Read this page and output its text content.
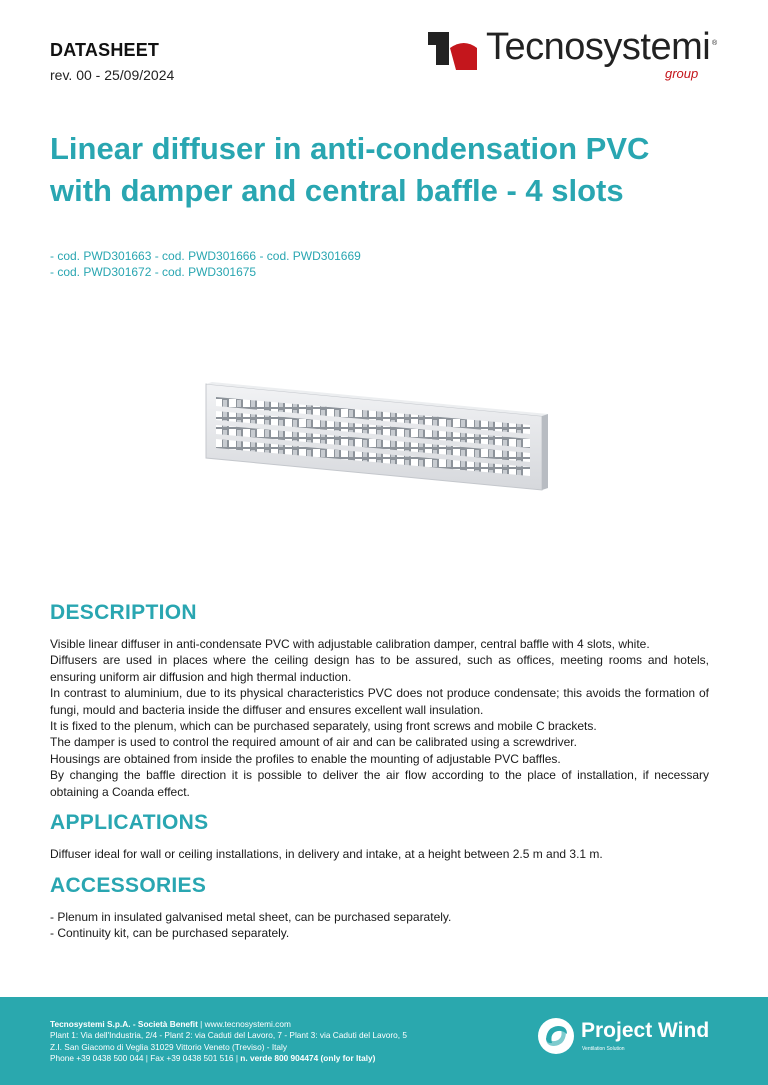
DATASHEET
rev. 00 - 25/09/2024
Tecnosystemi ®
group
Linear diffuser in anti-condensation PVC
with damper and central baffle - 4 slots
- cod. PWD301663 - cod. PWD301666 - cod. PWD301669
- cod. PWD301672 - cod. PWD301675
DESCRIPTION

Visible linear diffuser in anti-condensate PVC with adjustable calibration damper, central baffle with 4 slots, white.

Diffusers are used in places where the ceiling design has to be assured, such as offices, meeting rooms and hotels, ensuring uniform air diffusion and high thermal induction.

In contrast to aluminium, due to its physical characteristics PVC does not produce condensate; this avoids the formation of fungi, mould and bacteria inside the diffuser and ensures excellent wall insulation.

It is fixed to the plenum, which can be purchased separately, using front screws and mobile C brackets.

The damper is used to control the required amount of air and can be calibrated using a screwdriver.

Housings are obtained from inside the profiles to enable the mounting of adjustable PVC baffles.

By changing the baffle direction it is possible to deliver the air flow according to the place of installation, if necessary obtaining a Coanda effect.

APPLICATIONS

Diffuser ideal for wall or ceiling installations, in delivery and intake, at a height between 2.5 m and 3.1 m.

ACCESSORIES

- Plenum in insulated galvanised metal sheet, can be purchased separately.

- Continuity kit, can be purchased separately.

Tecnosystemi S.p.A. - Società Benefit | www.tecnosystemi.com
Plant 1: Via dell'Industria, 2/4 - Plant 2: via Caduti del Lavoro, 7 - Plant 3: via Caduti del Lavoro, 5
Z.I. San Giacomo di Veglia 31029 Vittorio Veneto (Treviso) - Italy
Phone +39 0438 500 044 | Fax +39 0438 501 516 | n. verde 800 904474 (only for Italy)
Project Wind
Ventilation Solution
